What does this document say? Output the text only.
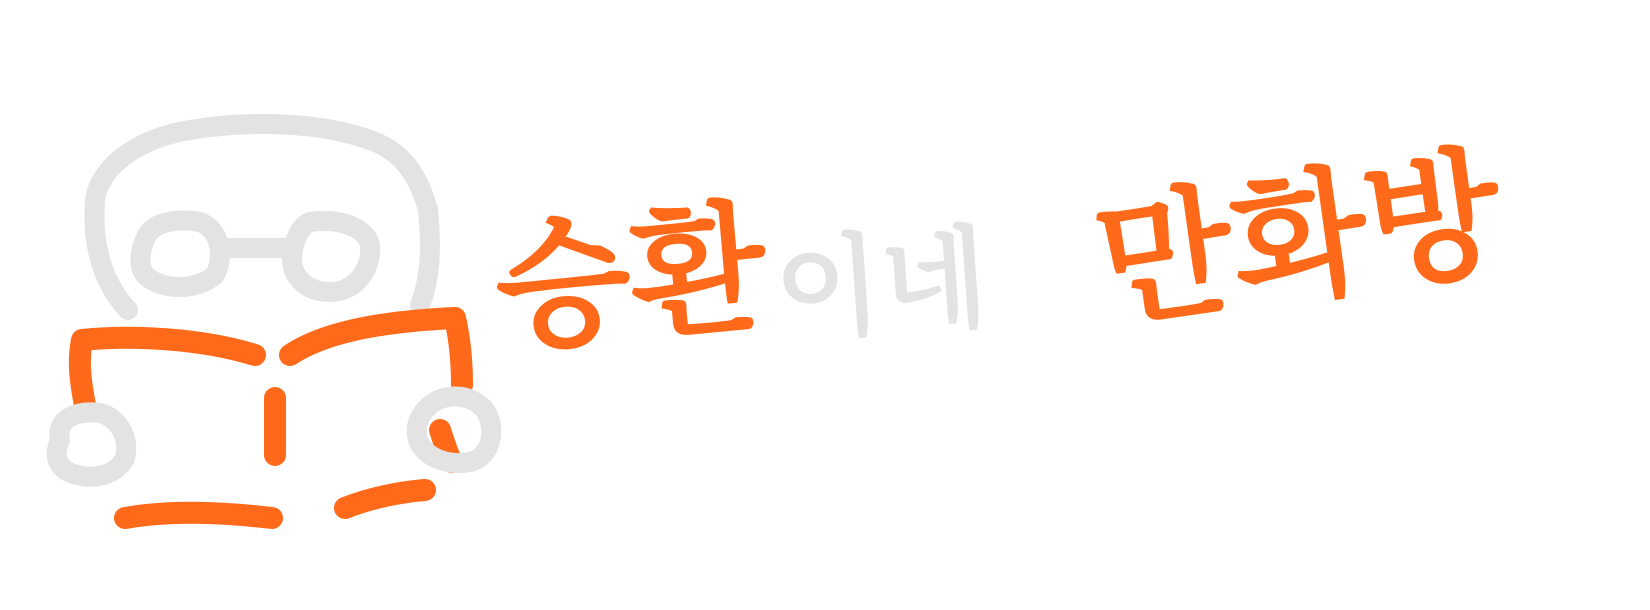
승환
이네 만화방
